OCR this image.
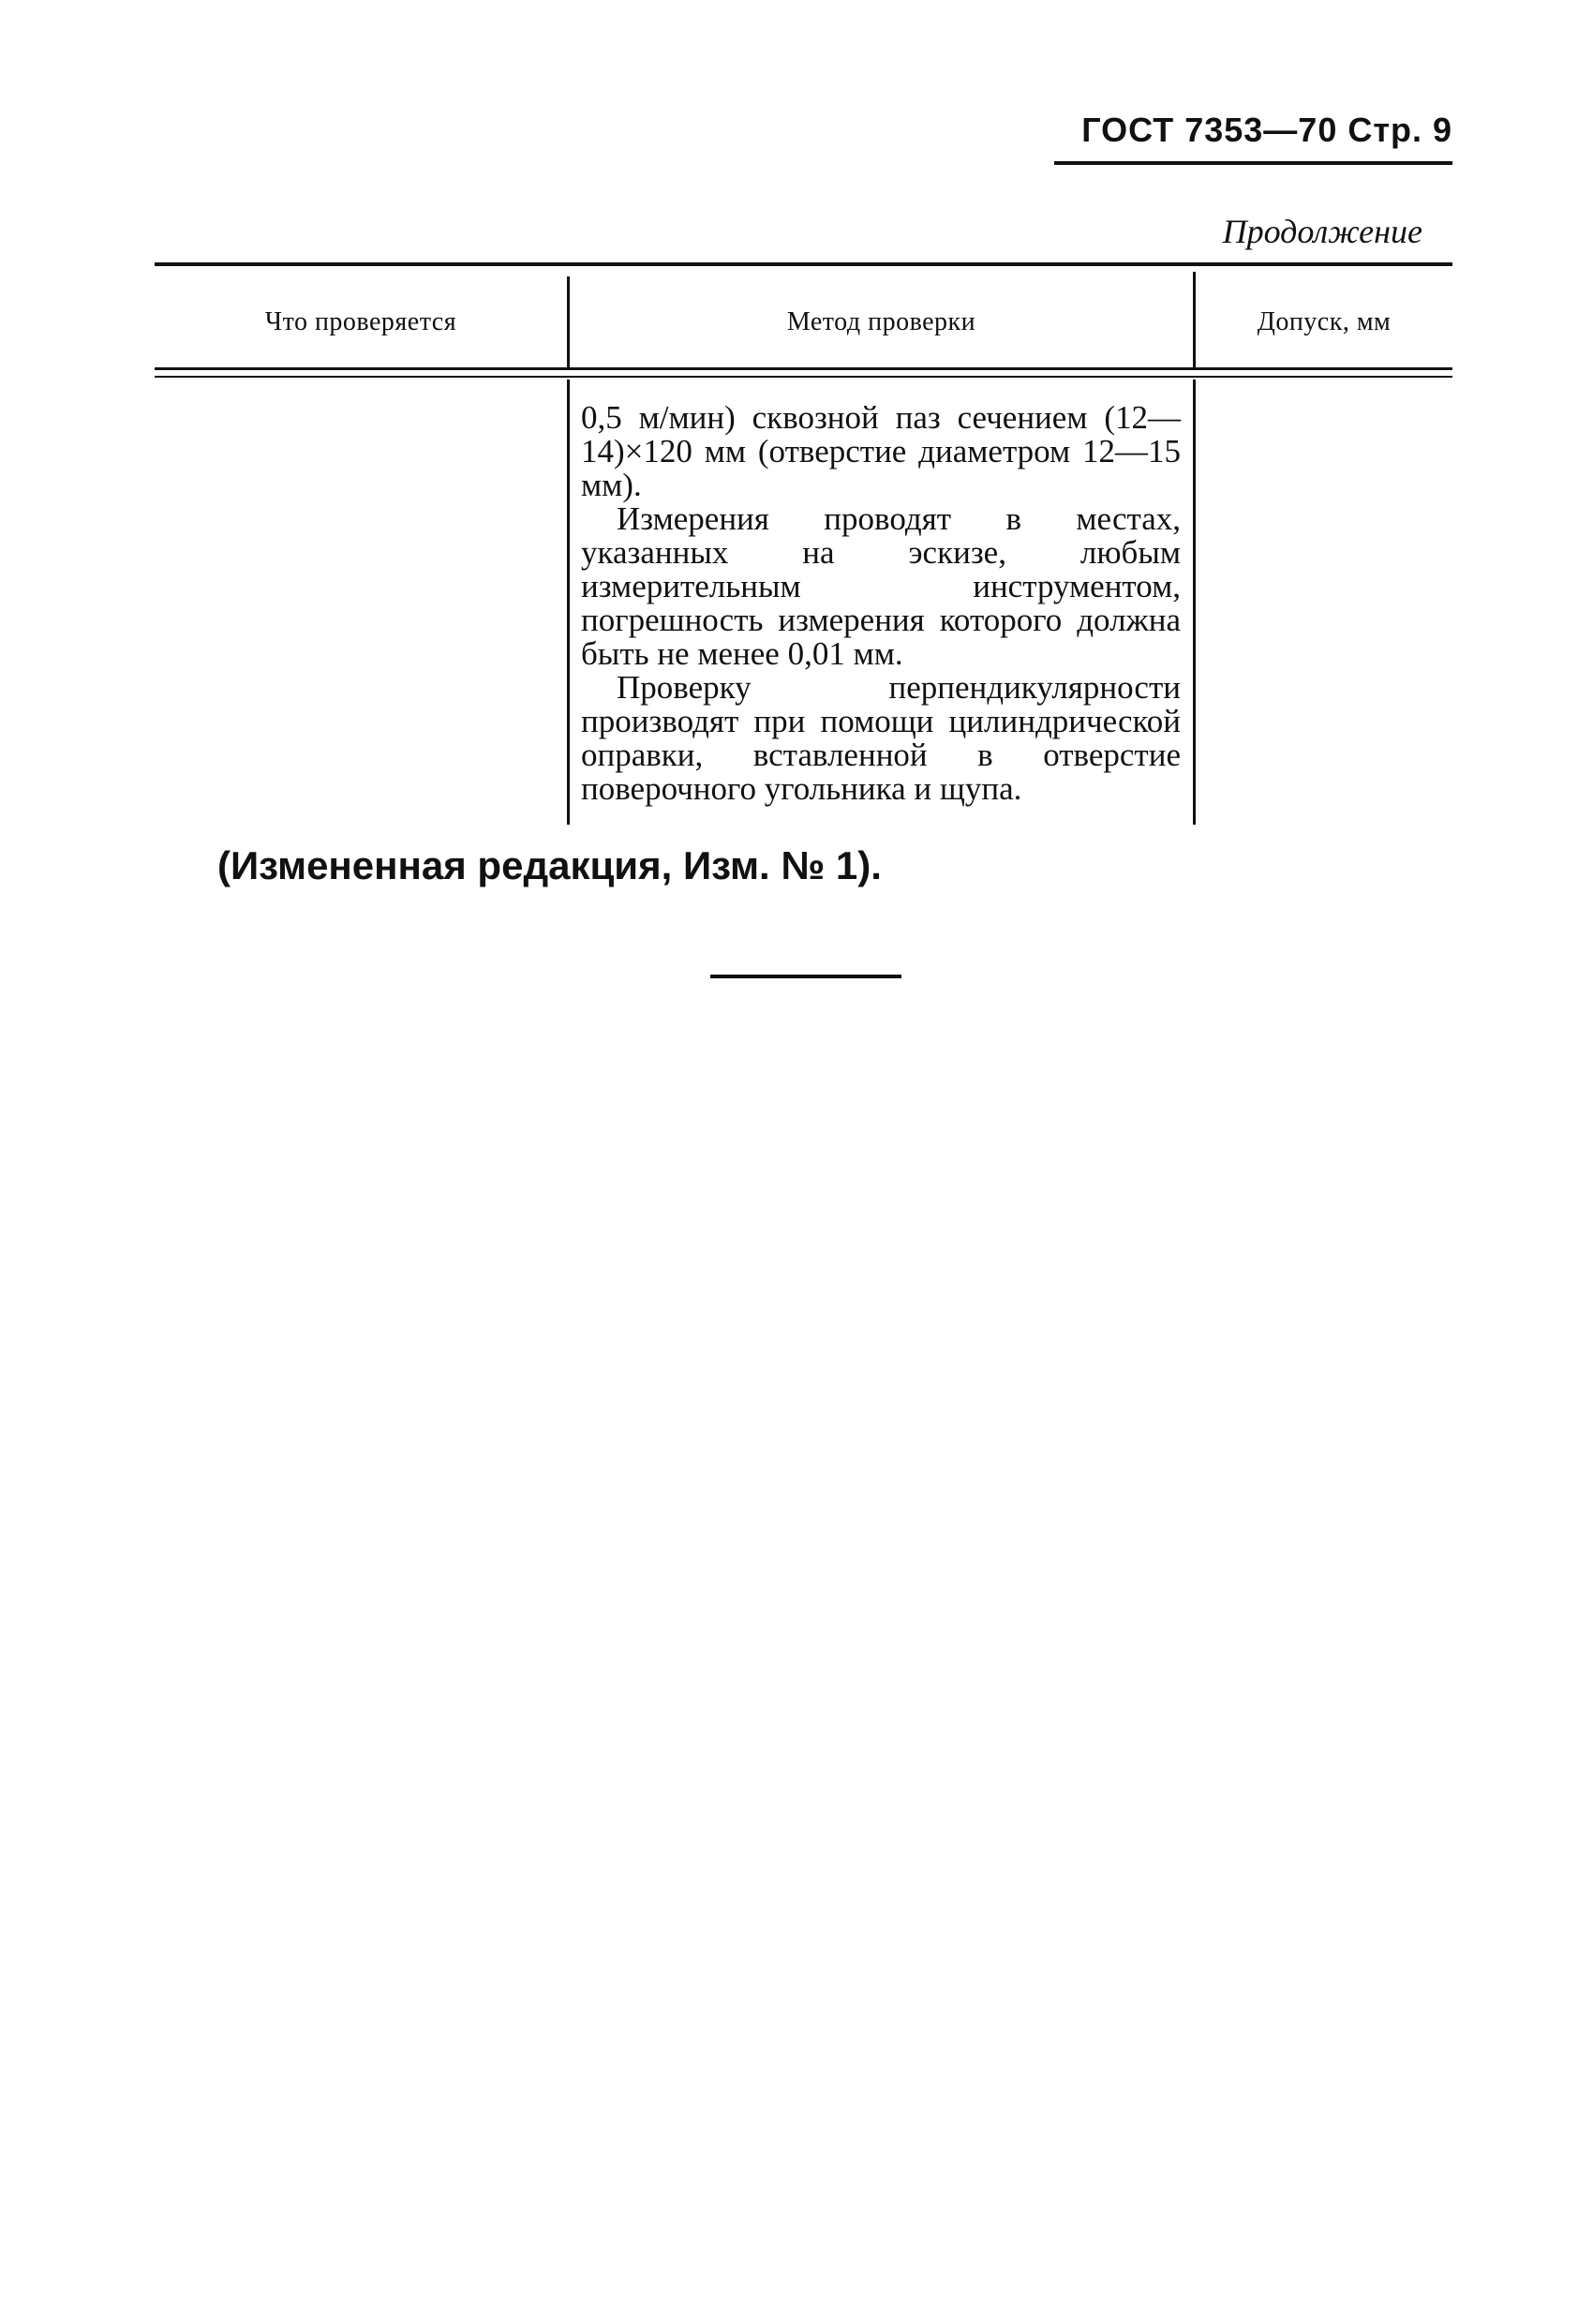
ГОСТ 7353—70 Стр. 9
Продолжение
Что проверяется	Метод проверки	Допуск, мм

0,5 м/мин) сквозной паз сечением (12—14)×120 мм (отверстие диаметром 12—15 мм).

Измерения проводят в местах, указанных на эскизе, любым измерительным инструментом, погрешность измерения которого должна быть не менее 0,01 мм.

Проверку перпендикулярности производят при помощи цилиндрической оправки, вставленной в отверстие поверочного угольника и щупа.

(Измененная редакция, Изм. № 1).
